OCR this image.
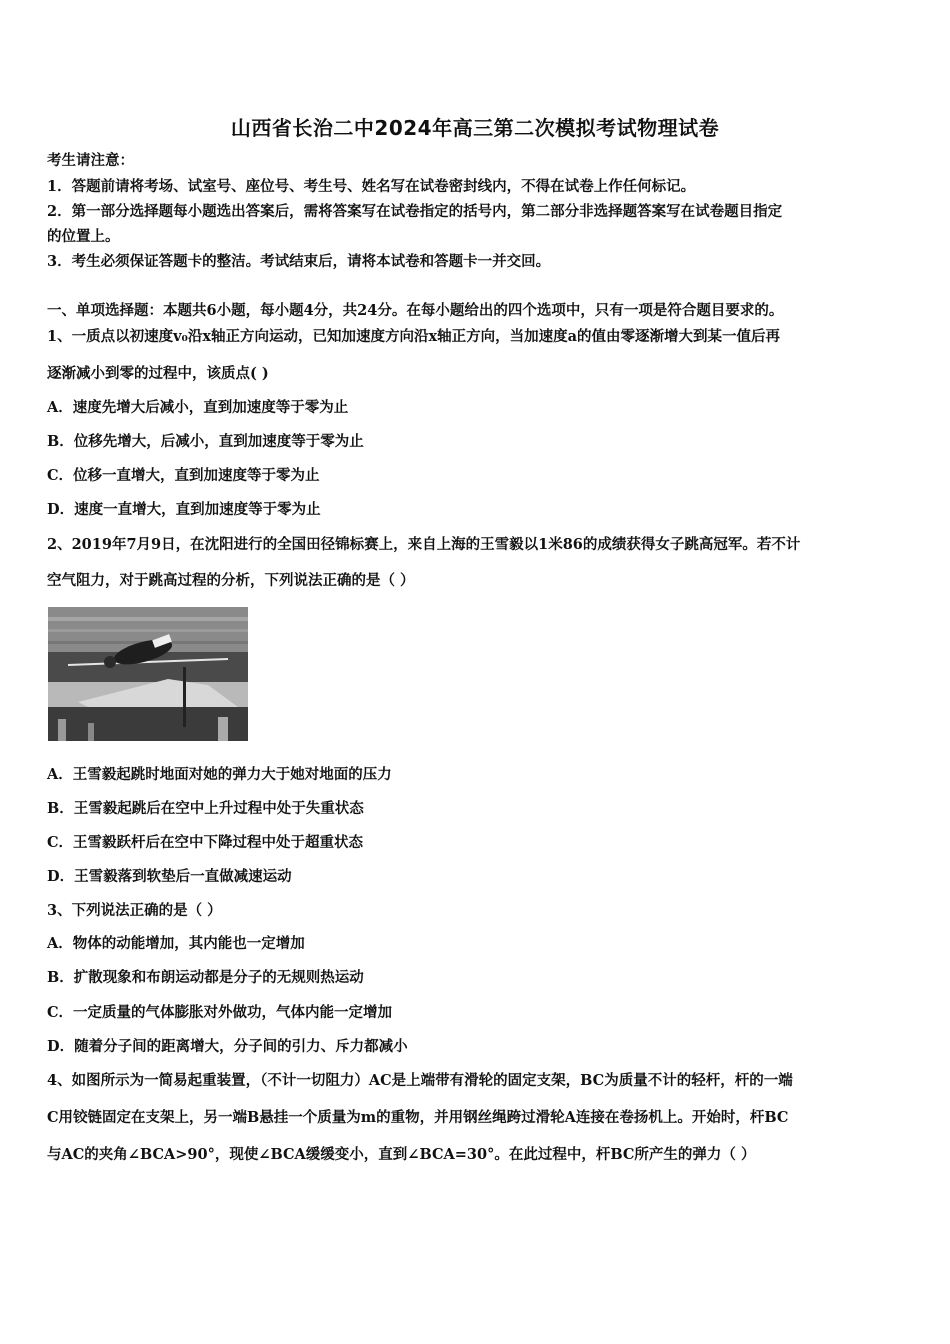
山西省长治二中2024年高三第二次模拟考试物理试卷
考生请注意：
1．答题前请将考场、试室号、座位号、考生号、姓名写在试卷密封线内，不得在试卷上作任何标记。
2．第一部分选择题每小题选出答案后，需将答案写在试卷指定的括号内，第二部分非选择题答案写在试卷题目指定
的位置上。
3．考生必须保证答题卡的整洁。考试结束后，请将本试卷和答题卡一并交回。
一、单项选择题：本题共6小题，每小题4分，共24分。在每小题给出的四个选项中，只有一项是符合题目要求的。
1、一质点以初速度v₀沿x轴正方向运动，已知加速度方向沿x轴正方向，当加速度a的值由零逐渐增大到某一值后再
逐渐减小到零的过程中，该质点( )
A．速度先增大后减小，直到加速度等于零为止
B．位移先增大，后减小，直到加速度等于零为止
C．位移一直增大，直到加速度等于零为止
D．速度一直增大，直到加速度等于零为止
2、2019年7月9日，在沈阳进行的全国田径锦标赛上，来自上海的王雪毅以1米86的成绩获得女子跳高冠军。若不计
空气阻力，对于跳高过程的分析，下列说法正确的是（ ）
A．王雪毅起跳时地面对她的弹力大于她对地面的压力
B．王雪毅起跳后在空中上升过程中处于失重状态
C．王雪毅跃杆后在空中下降过程中处于超重状态
D．王雪毅落到软垫后一直做减速运动
3、下列说法正确的是（ ）
A．物体的动能增加，其内能也一定增加
B．扩散现象和布朗运动都是分子的无规则热运动
C．一定质量的气体膨胀对外做功，气体内能一定增加
D．随着分子间的距离增大，分子间的引力、斥力都减小
4、如图所示为一简易起重装置，（不计一切阻力）AC是上端带有滑轮的固定支架，BC为质量不计的轻杆，杆的一端
C用铰链固定在支架上，另一端B悬挂一个质量为m的重物，并用钢丝绳跨过滑轮A连接在卷扬机上。开始时，杆BC
与AC的夹角∠BCA>90°，现使∠BCA缓缓变小，直到∠BCA=30°。在此过程中，杆BC所产生的弹力（ ）
